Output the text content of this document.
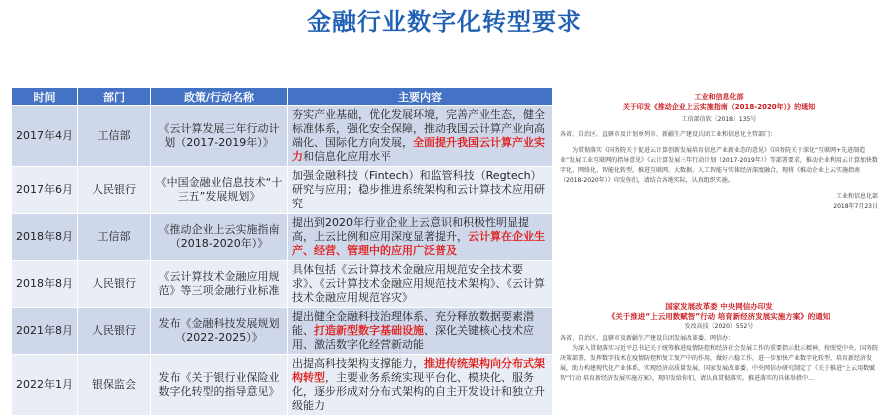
金融行业数字化转型要求
时间	部门	政策/行动名称	主要内容
2017年4月	工信部	《云计算发展三年行动计划（2017-2019年）》	夯实产业基础，优化发展环境，完善产业生态，健全标准体系，强化安全保障，推动我国云计算产业向高端化、国际化方向发展，全面提升我国云计算产业实力和信息化应用水平
2017年6月	人民银行	《中国金融业信息技术“十三五”发展规划》	加强金融科技（Fintech）和监管科技（Regtech）研究与应用；稳步推进系统架构和云计算技术应用研究
2018年8月	工信部	《推动企业上云实施指南（2018-2020年）》	提出到2020年行业企业上云意识和积极性明显提高，上云比例和应用深度显著提升，云计算在企业生产、经营、管理中的应用广泛普及
2018年8月	人民银行	《云计算技术金融应用规范》等三项金融行业标准	具体包括《云计算技术金融应用规范安全技术要求》、《云计算技术金融应用规范技术架构》、《云计算技术金融应用规范容灾》
2021年8月	人民银行	发布《金融科技发展规划（2022-2025）》	提出健全金融科技治理体系、充分释放数据要素潜能、打造新型数字基础设施、深化关键核心技术应用、激活数字化经营新动能
2022年1月	银保监会	发布《关于银行业保险业数字化转型的指导意见》	出提高科技架构支撑能力，推进传统架构向分布式架构转型，主要业务系统实现平台化、模块化、服务化，逐步形成对分布式架构的自主开发设计和独立升级能力
工业和信息化部
关于印发《推动企业上云实施指南（2018-2020年）》的通知
工信部信软〔2018〕135号
各省、自治区、直辖市及计划单列市、新疆生产建设兵团工业和信息化主管部门：
为贯彻落实《国务院关于促进云计算创新发展培育信息产业新业态的意见》《国务院关于深化“互联网+先进制造业”发展工业互联网的指导意见》《云计算发展三年行动计划（2017-2019年）》等部署要求，推动企业利用云计算加快数字化、网络化、智能化转型，推进互联网、大数据、人工智能与实体经济深度融合，现将《推动企业上云实施指南（2018-2020年）》印发你们，请结合各地实际，认真组织实施。
工业和信息化部
2018年7月23日
国家发展改革委 中央网信办印发
《关于推进“上云用数赋智”行动 培育新经济发展实施方案》的通知
发改高技〔2020〕552号
各省、自治区、直辖市及新疆生产建设兵团发展改革委、网信办：
为深入贯彻落实习近平总书记关于统筹推进疫情防控和经济社会发展工作的重要指示批示精神，按照党中央、国务院决策部署，发挥数字技术在疫情防控和复工复产中的作用，做好六稳工作，进一步加快产业数字化转型，培育新经济发展，助力构建现代化产业体系，实现经济高质量发展，国家发展改革委、中央网信办研究制定了《关于推进“上云用数赋智”行动 培育新经济发展实施方案》，现印发给你们，请认真贯彻落实。推进落实的具体举措中…
